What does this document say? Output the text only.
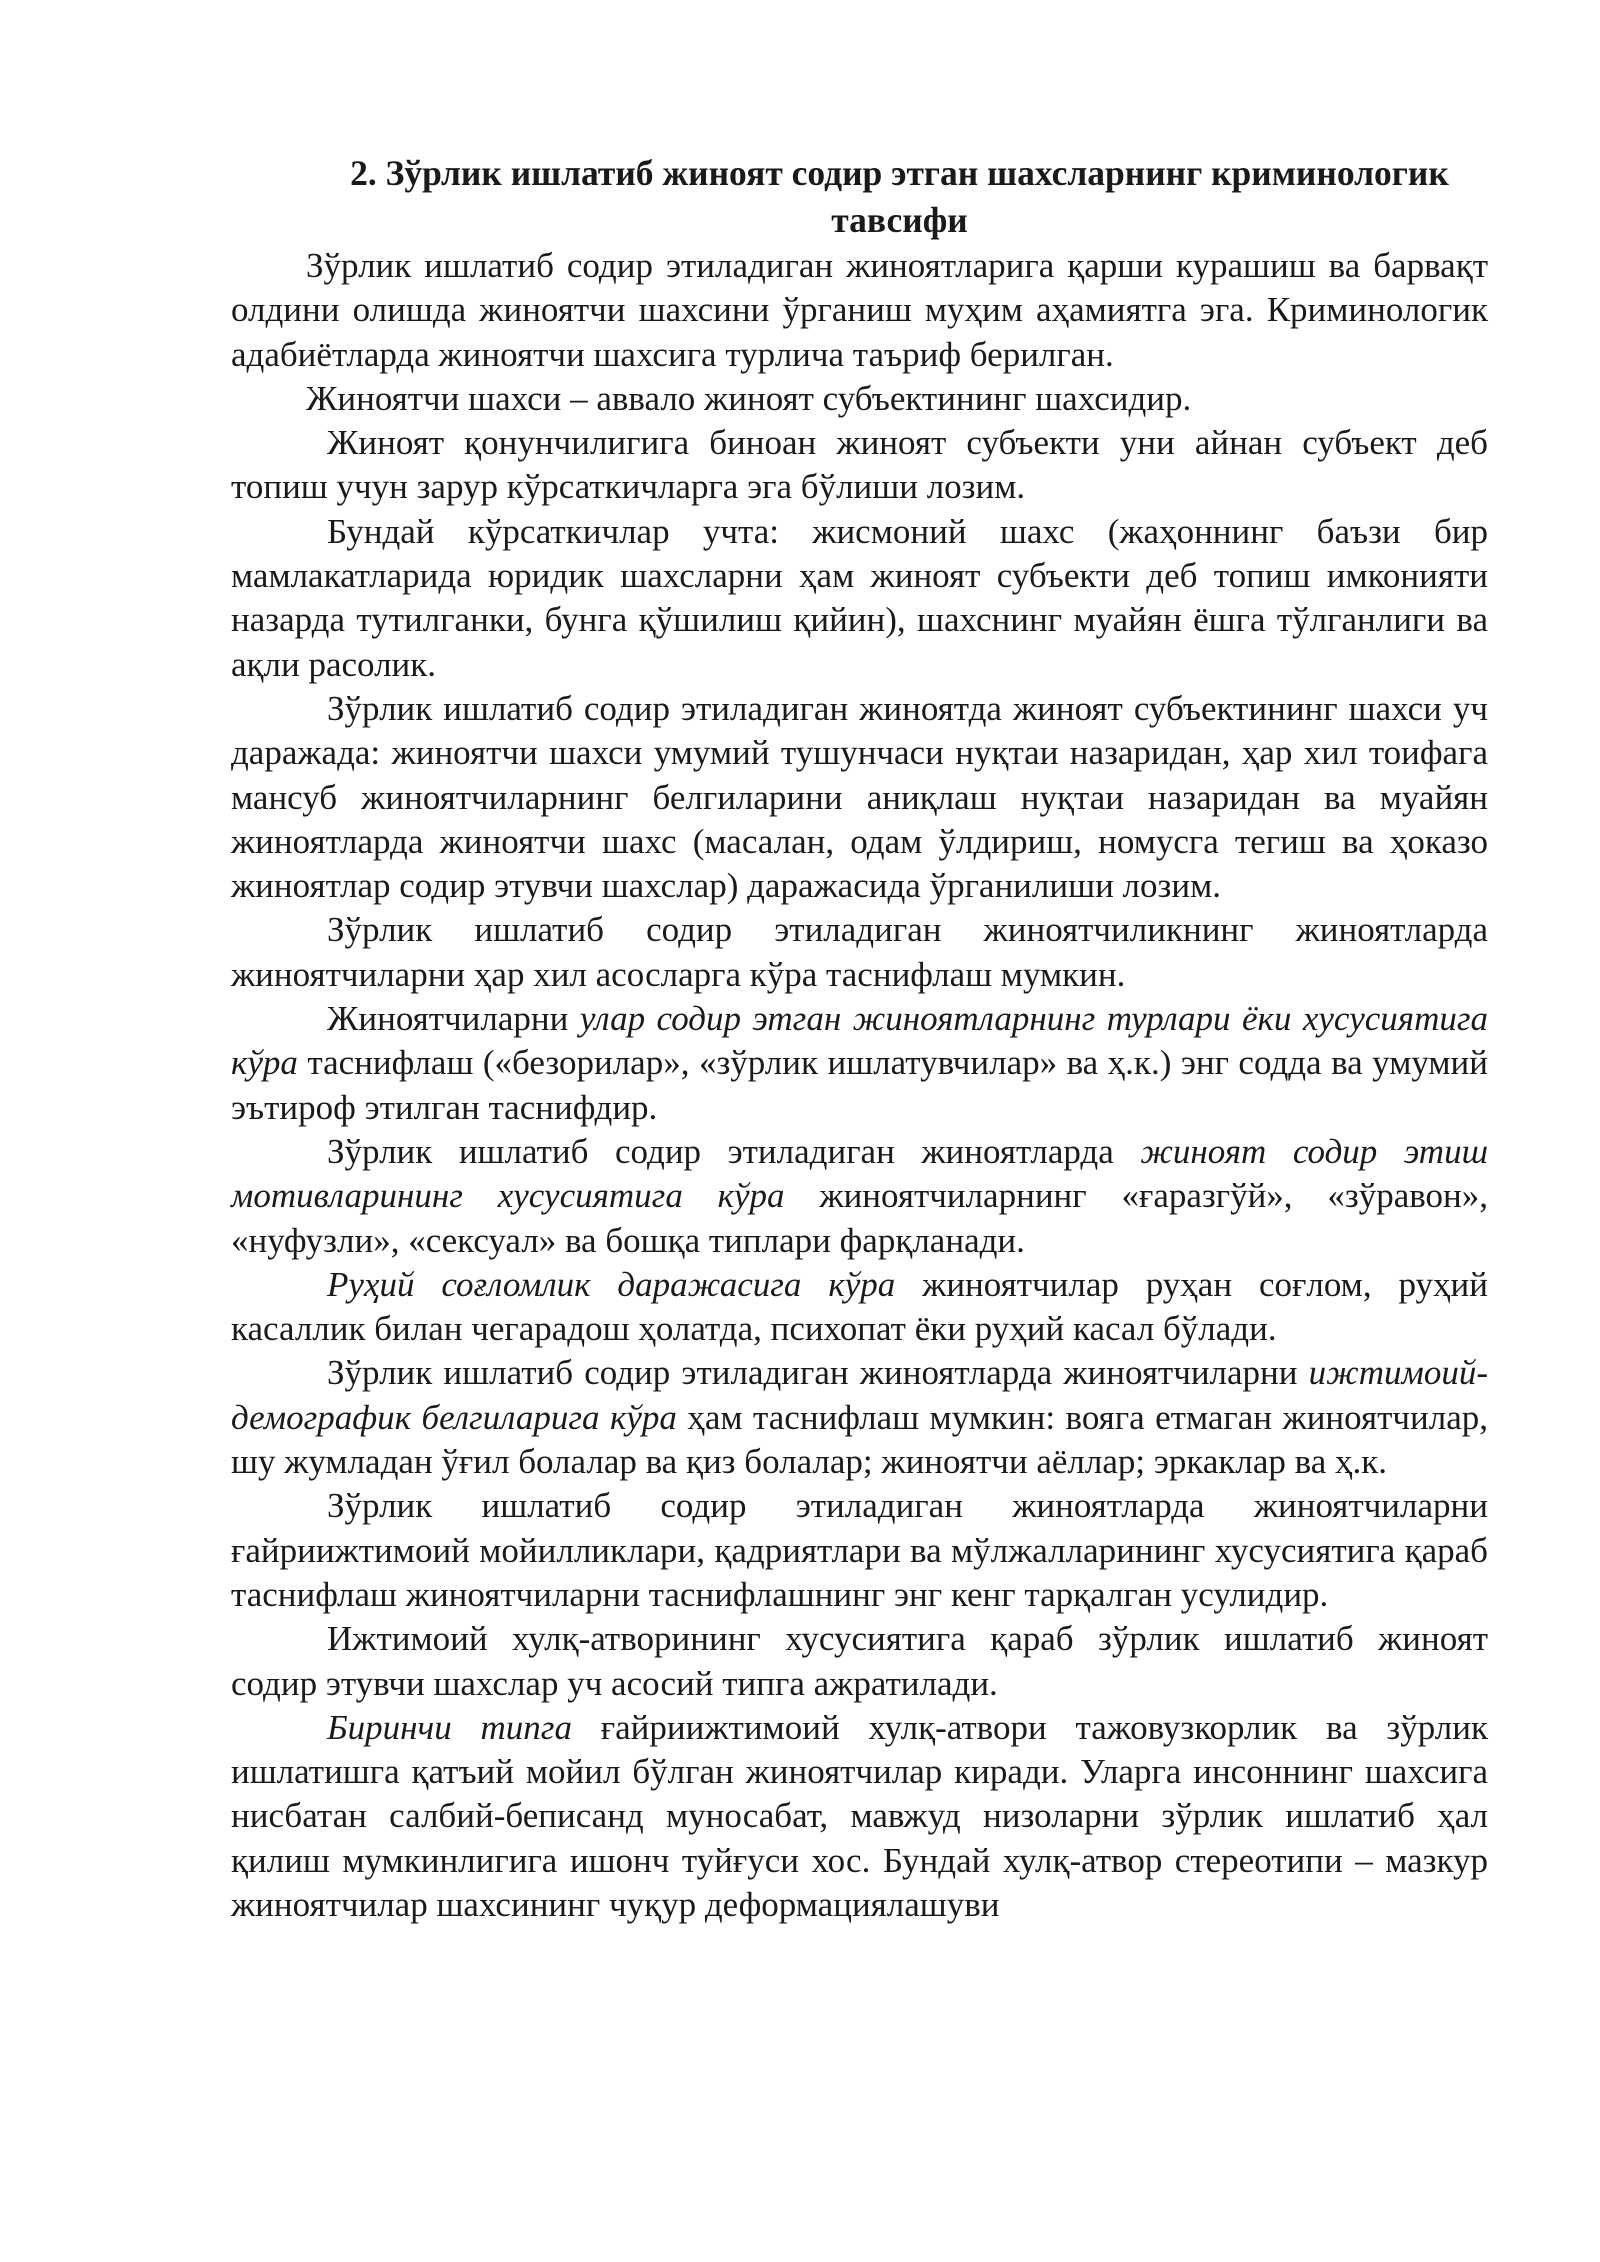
2. Зўрлик ишлатиб жиноят содир этган шахсларнинг криминологик
тавсифи

Зўрлик ишлатиб содир этиладиган жиноятларига қарши курашиш ва барвақт олдини олишда жиноятчи шахсини ўрганиш муҳим аҳамиятга эга. Криминологик адабиётларда жиноятчи шахсига турлича таъриф берилган.

Жиноятчи шахси – аввало жиноят субъектининг шахсидир.

Жиноят қонунчилигига биноан жиноят субъекти уни айнан субъект деб топиш учун зарур кўрсаткичларга эга бўлиши лозим.

Бундай кўрсаткичлар учта: жисмоний шахс (жаҳоннинг баъзи бир мамлакатларида юридик шахсларни ҳам жиноят субъекти деб топиш имконияти назарда тутилганки, бунга қўшилиш қийин), шахснинг муайян ёшга тўлганлиги ва ақли расолик.

Зўрлик ишлатиб содир этиладиган жиноятда жиноят субъектининг шахси уч даражада: жиноятчи шахси умумий тушунчаси нуқтаи назаридан, ҳар хил тоифага мансуб жиноятчиларнинг белгиларини аниқлаш нуқтаи назаридан ва муайян жиноятларда жиноятчи шахс (масалан, одам ўлдириш, номусга тегиш ва ҳоказо жиноятлар содир этувчи шахслар) даражасида ўрганилиши лозим.

Зўрлик ишлатиб содир этиладиган жиноятчиликнинг жиноятларда жиноятчиларни ҳар хил асосларга кўра таснифлаш мумкин.

Жиноятчиларни улар содир этган жиноятларнинг турлари ёки хусусиятига кўра таснифлаш («безорилар», «зўрлик ишлатувчилар» ва ҳ.к.) энг содда ва умумий эътироф этилган таснифдир.

Зўрлик ишлатиб содир этиладиган жиноятларда жиноят содир этиш мотивларининг хусусиятига кўра жиноятчиларнинг «ғаразгўй», «зўравон», «нуфузли», «сексуал» ва бошқа типлари фарқланади.

Руҳий соғломлик даражасига кўра жиноятчилар руҳан соғлом, руҳий касаллик билан чегарадош ҳолатда, психопат ёки руҳий касал бўлади.

Зўрлик ишлатиб содир этиладиган жиноятларда жиноятчиларни ижтимоий-демографик белгиларига кўра ҳам таснифлаш мумкин: вояга етмаган жиноятчилар, шу жумладан ўғил болалар ва қиз болалар; жиноятчи аёллар; эркаклар ва ҳ.к.

Зўрлик ишлатиб содир этиладиган жиноятларда жиноятчиларни ғайриижтимоий мойилликлари, қадриятлари ва мўлжалларининг хусусиятига қараб таснифлаш жиноятчиларни таснифлашнинг энг кенг тарқалган усулидир.

Ижтимоий хулқ-атворининг хусусиятига қараб зўрлик ишлатиб жиноят содир этувчи шахслар уч асосий типга ажратилади.

Биринчи типга ғайриижтимоий хулқ-атвори тажовузкорлик ва зўрлик ишлатишга қатъий мойил бўлган жиноятчилар киради. Уларга инсоннинг шахсига нисбатан салбий-беписанд муносабат, мавжуд низоларни зўрлик ишлатиб ҳал қилиш мумкинлигига ишонч туйғуси хос. Бундай хулқ-атвор стереотипи – мазкур жиноятчилар шахсининг чуқур деформациялашуви
